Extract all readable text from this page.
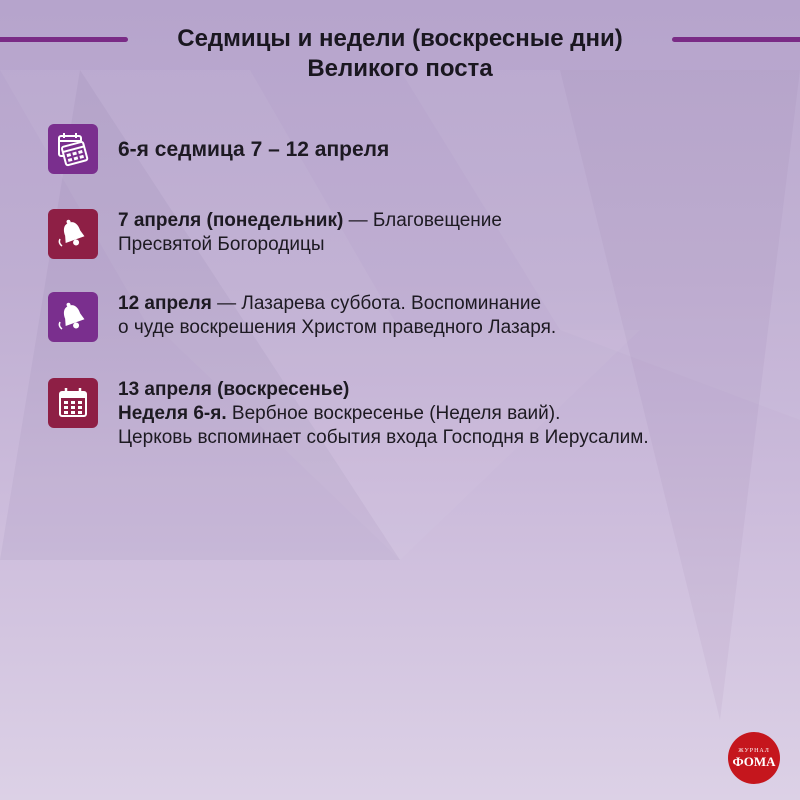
Седмицы и недели (воскресные дни)
Великого поста
6-я седмица 7 – 12 апреля
7 апреля (понедельник) — Благовещение
Пресвятой Богородицы
12 апреля — Лазарева суббота. Воспоминание
о чуде воскрешения Христом праведного Лазаря.
13 апреля (воскресенье)
Неделя 6-я. Вербное воскресенье (Неделя ваий).
Церковь вспоминает события входа Господня в Иерусалим.
ЖУРНАЛ
ФОМА
